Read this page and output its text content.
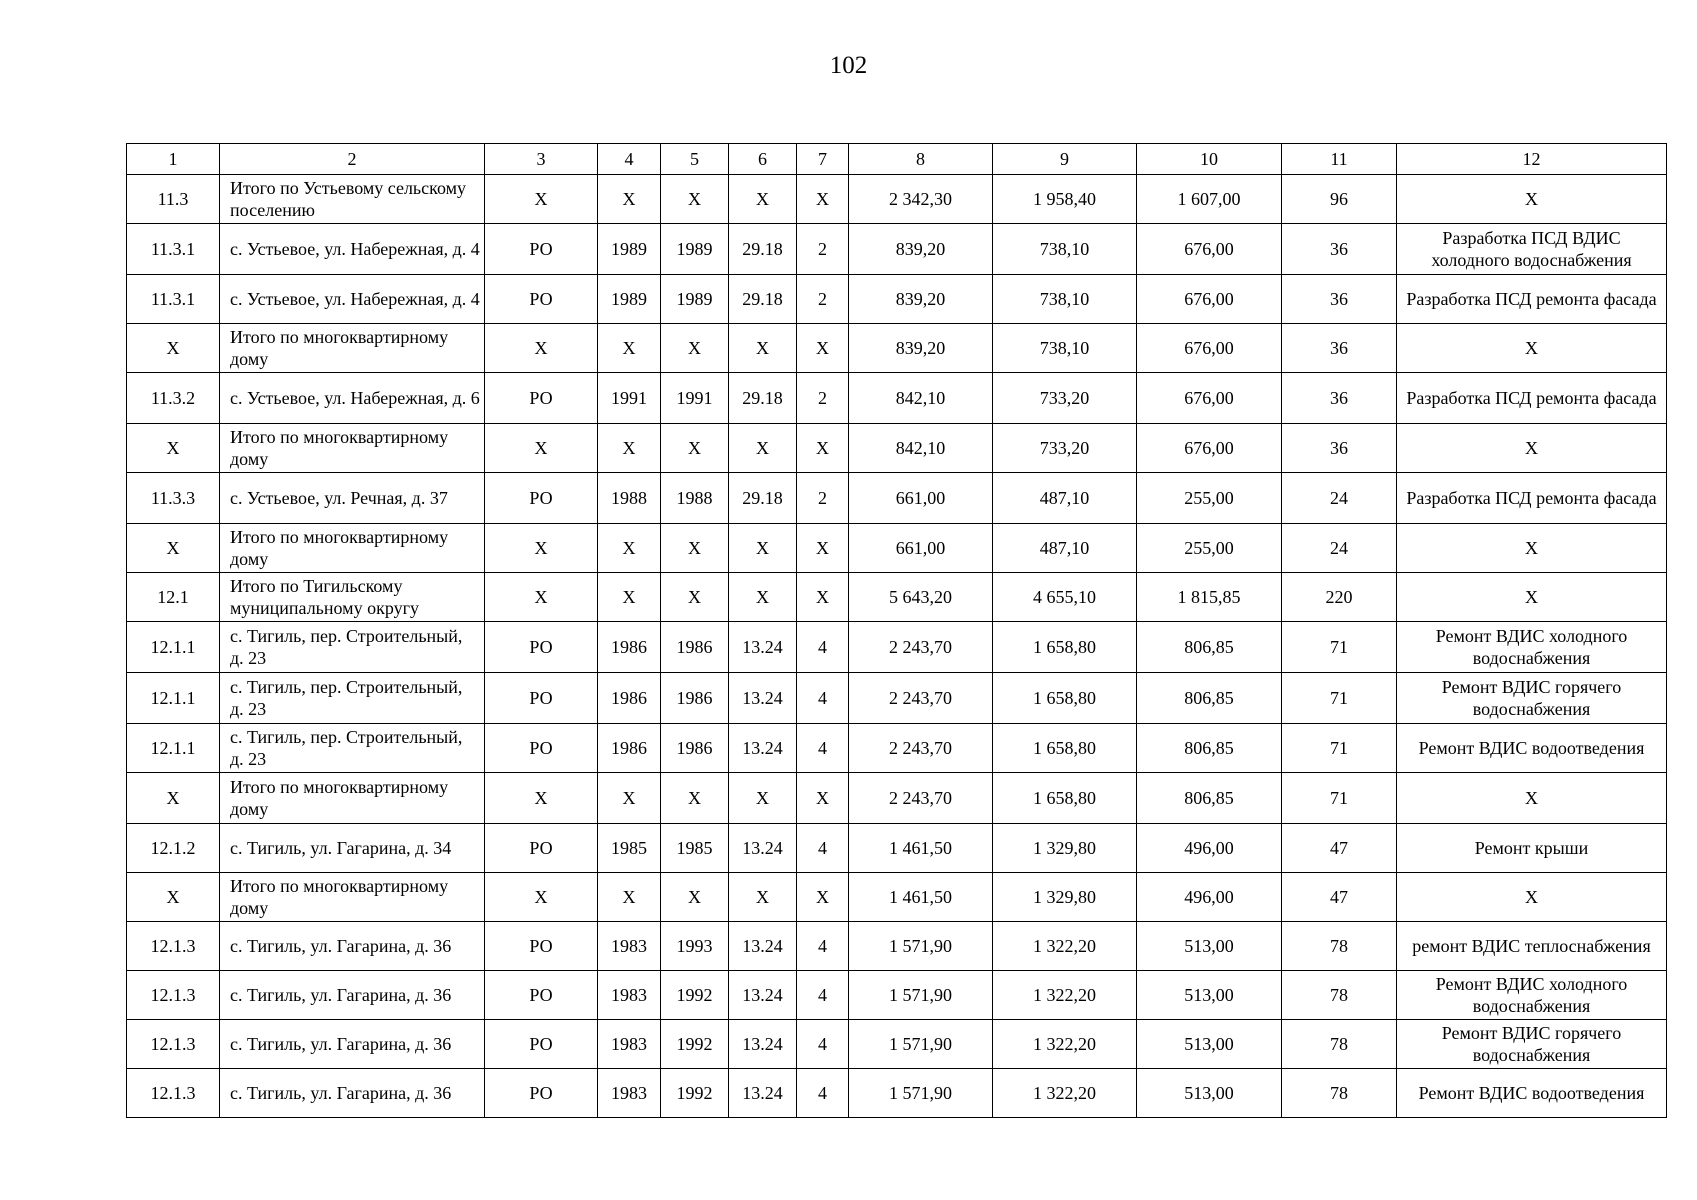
102
1	2	3	4	5	6	7	8	9	10	11	12
11.3	Итого по Устьевому сельскому поселению	X	X	X	X	X	2 342,30	1 958,40	1 607,00	96	X
11.3.1	с. Устьевое, ул. Набережная, д. 4	РО	1989	1989	29.18	2	839,20	738,10	676,00	36	Разработка ПСД ВДИС холодного водоснабжения
11.3.1	с. Устьевое, ул. Набережная, д. 4	РО	1989	1989	29.18	2	839,20	738,10	676,00	36	Разработка ПСД ремонта фасада
X	Итого по многоквартирному дому	X	X	X	X	X	839,20	738,10	676,00	36	X
11.3.2	с. Устьевое, ул. Набережная, д. 6	РО	1991	1991	29.18	2	842,10	733,20	676,00	36	Разработка ПСД ремонта фасада
X	Итого по многоквартирному дому	X	X	X	X	X	842,10	733,20	676,00	36	X
11.3.3	с. Устьевое, ул. Речная, д. 37	РО	1988	1988	29.18	2	661,00	487,10	255,00	24	Разработка ПСД ремонта фасада
X	Итого по многоквартирному дому	X	X	X	X	X	661,00	487,10	255,00	24	X
12.1	Итого по Тигильскому муниципальному округу	X	X	X	X	X	5 643,20	4 655,10	1 815,85	220	X
12.1.1	с. Тигиль, пер. Строительный, д. 23	РО	1986	1986	13.24	4	2 243,70	1 658,80	806,85	71	Ремонт ВДИС холодного водоснабжения
12.1.1	с. Тигиль, пер. Строительный, д. 23	РО	1986	1986	13.24	4	2 243,70	1 658,80	806,85	71	Ремонт ВДИС горячего водоснабжения
12.1.1	с. Тигиль, пер. Строительный, д. 23	РО	1986	1986	13.24	4	2 243,70	1 658,80	806,85	71	Ремонт ВДИС водоотведения
X	Итого по многоквартирному дому	X	X	X	X	X	2 243,70	1 658,80	806,85	71	X
12.1.2	с. Тигиль, ул. Гагарина, д. 34	РО	1985	1985	13.24	4	1 461,50	1 329,80	496,00	47	Ремонт крыши
X	Итого по многоквартирному дому	X	X	X	X	X	1 461,50	1 329,80	496,00	47	X
12.1.3	с. Тигиль, ул. Гагарина, д. 36	РО	1983	1993	13.24	4	1 571,90	1 322,20	513,00	78	ремонт ВДИС теплоснабжения
12.1.3	с. Тигиль, ул. Гагарина, д. 36	РО	1983	1992	13.24	4	1 571,90	1 322,20	513,00	78	Ремонт ВДИС холодного водоснабжения
12.1.3	с. Тигиль, ул. Гагарина, д. 36	РО	1983	1992	13.24	4	1 571,90	1 322,20	513,00	78	Ремонт ВДИС горячего водоснабжения
12.1.3	с. Тигиль, ул. Гагарина, д. 36	РО	1983	1992	13.24	4	1 571,90	1 322,20	513,00	78	Ремонт ВДИС водоотведения
